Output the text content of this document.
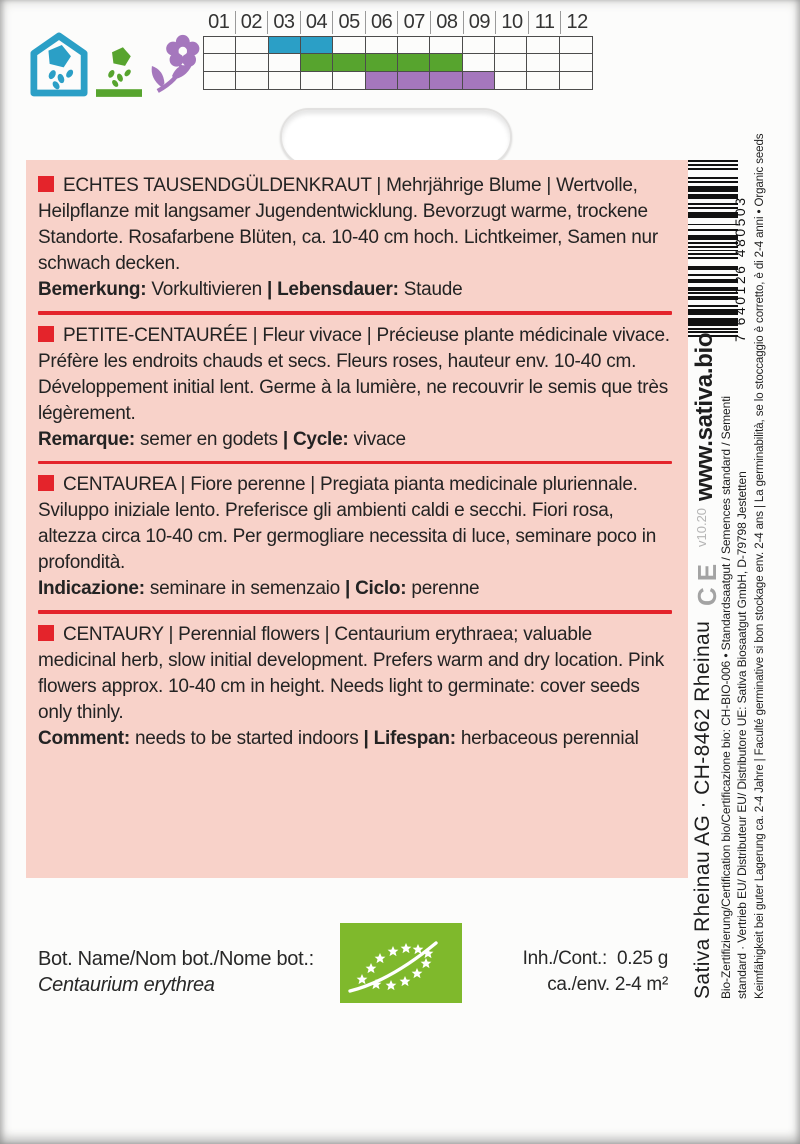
01 02 03 04 05 06 07 08 09 10 11 12

ECHTES TAUSENDGÜLDENKRAUT | Mehrjährige Blume | Wertvolle, Heilpflanze mit langsamer Jugendentwicklung. Bevorzugt warme, trockene Standorte. Rosafarbene Blüten, ca. 10-40 cm hoch. Lichtkeimer, Samen nur schwach decken.

Bemerkung: Vorkultivieren | Lebensdauer: Staude

PETITE-CENTAURÉE | Fleur vivace | Précieuse plante médicinale vivace. Préfère les endroits chauds et secs. Fleurs roses, hauteur env. 10-40 cm. Développement initial lent. Germe à la lumière, ne recouvrir le semis que très légèrement.

Remarque: semer en godets | Cycle: vivace

CENTAUREA | Fiore perenne | Pregiata pianta medicinale pluriennale. Sviluppo iniziale lento. Preferisce gli ambienti caldi e secchi. Fiori rosa, altezza circa 10-40 cm. Per germogliare necessita di luce, seminare poco in profondità.

Indicazione: seminare in semenzaio | Ciclo: perenne

CENTAURY | Perennial flowers | Centaurium erythraea; valuable medicinal herb, slow initial development. Prefers warm and dry location. Pink flowers approx. 10-40 cm in height. Needs light to germinate: cover seeds only thinly.

Comment: needs to be started indoors | Lifespan: herbaceous perennial
7 640126 480503
www.sativa.bio
v10.20
CE
Sativa Rheinau AG · CH-8462 Rheinau Bio-Zertifizierung/Certification bio/Certificazione bio: CH-BIO-006 • Standardsaatgut / Semences standard / Sementi standard · Vertrieb EU/ Distributeur EU/ Distributore UE: Sativa Biosaatgut GmbH, D-79798 Jestetten Keimfähigkeit bei guter Lagerung ca. 2-4 Jahre | Faculté germinative si bon stockage env. 2-4 ans | La germinabilità, se lo stoccaggio è corretto, è di 2-4 anni • Organic seeds
Bot. Name/Nom bot./Nome bot.:
Centaurium erythrea
Inh./Cont.:  0.25 g
ca./env. 2-4 m²
